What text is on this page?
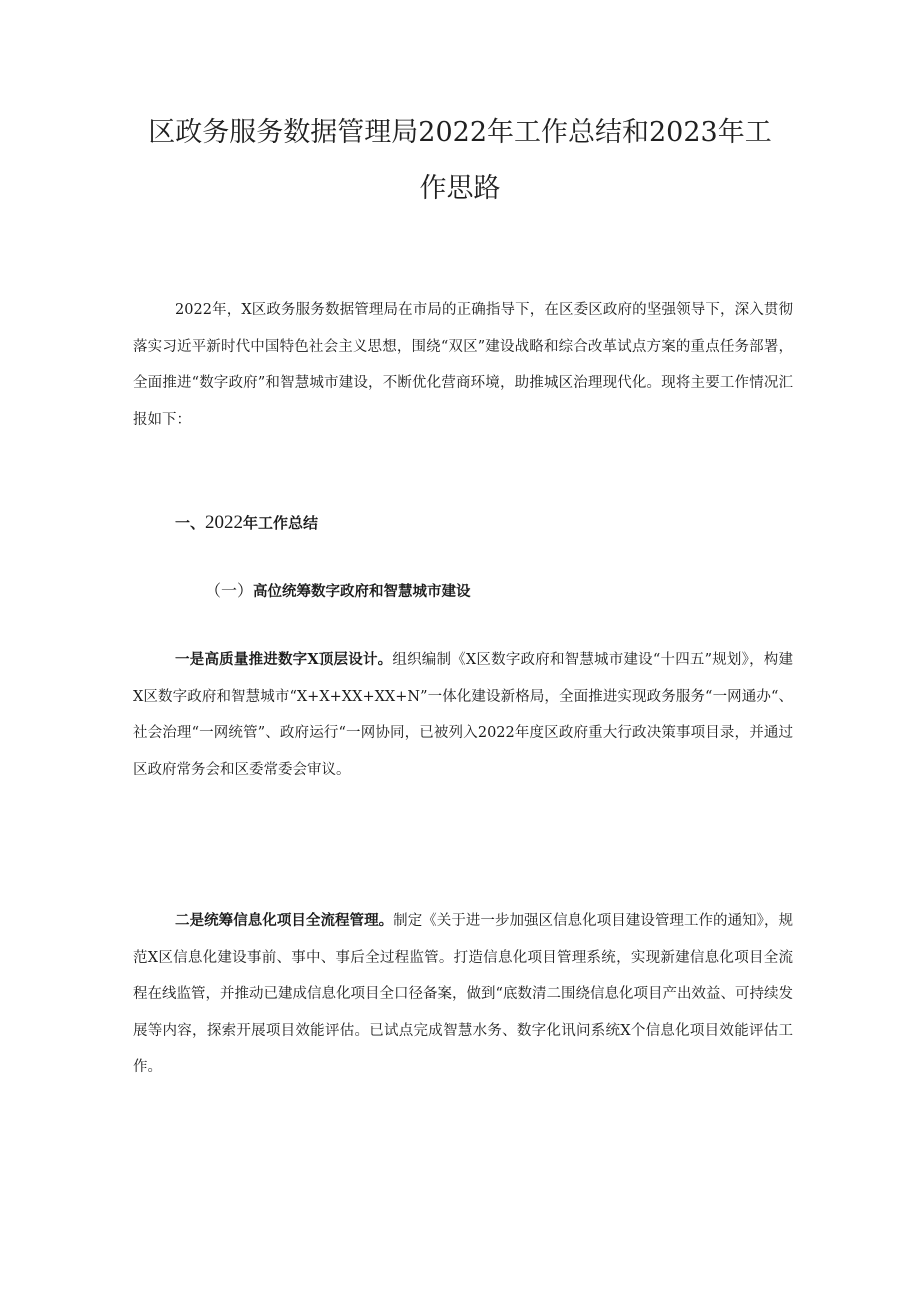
区政务服务数据管理局2022年工作总结和2023年工
作思路

2022年，X区政务服务数据管理局在市局的正确指导下，在区委区政府的坚强领导下，深入贯彻落实习近平新时代中国特色社会主义思想，围绕“双区”建设战略和综合改革试点方案的重点任务部署，全面推进“数字政府”和智慧城市建设，不断优化营商环境，助推城区治理现代化。现将主要工作情况汇报如下：

一、2022年工作总结

（一）高位统筹数字政府和智慧城市建设

一是高质量推进数字X顶层设计。组织编制《X区数字政府和智慧城市建设“十四五”规划》，构建X区数字政府和智慧城市“X+X+XX+XX+N”一体化建设新格局，全面推进实现政务服务“一网通办“、社会治理“一网统管”、政府运行“一网协同，已被列入2022年度区政府重大行政决策事项目录，并通过区政府常务会和区委常委会审议。

二是统筹信息化项目全流程管理。制定《关于进一步加强区信息化项目建设管理工作的通知》，规范X区信息化建设事前、事中、事后全过程监管。打造信息化项目管理系统，实现新建信息化项目全流程在线监管，并推动已建成信息化项目全口径备案，做到“底数清二围绕信息化项目产出效益、可持续发展等内容，探索开展项目效能评估。已试点完成智慧水务、数字化讯问系统X个信息化项目效能评估工作。
